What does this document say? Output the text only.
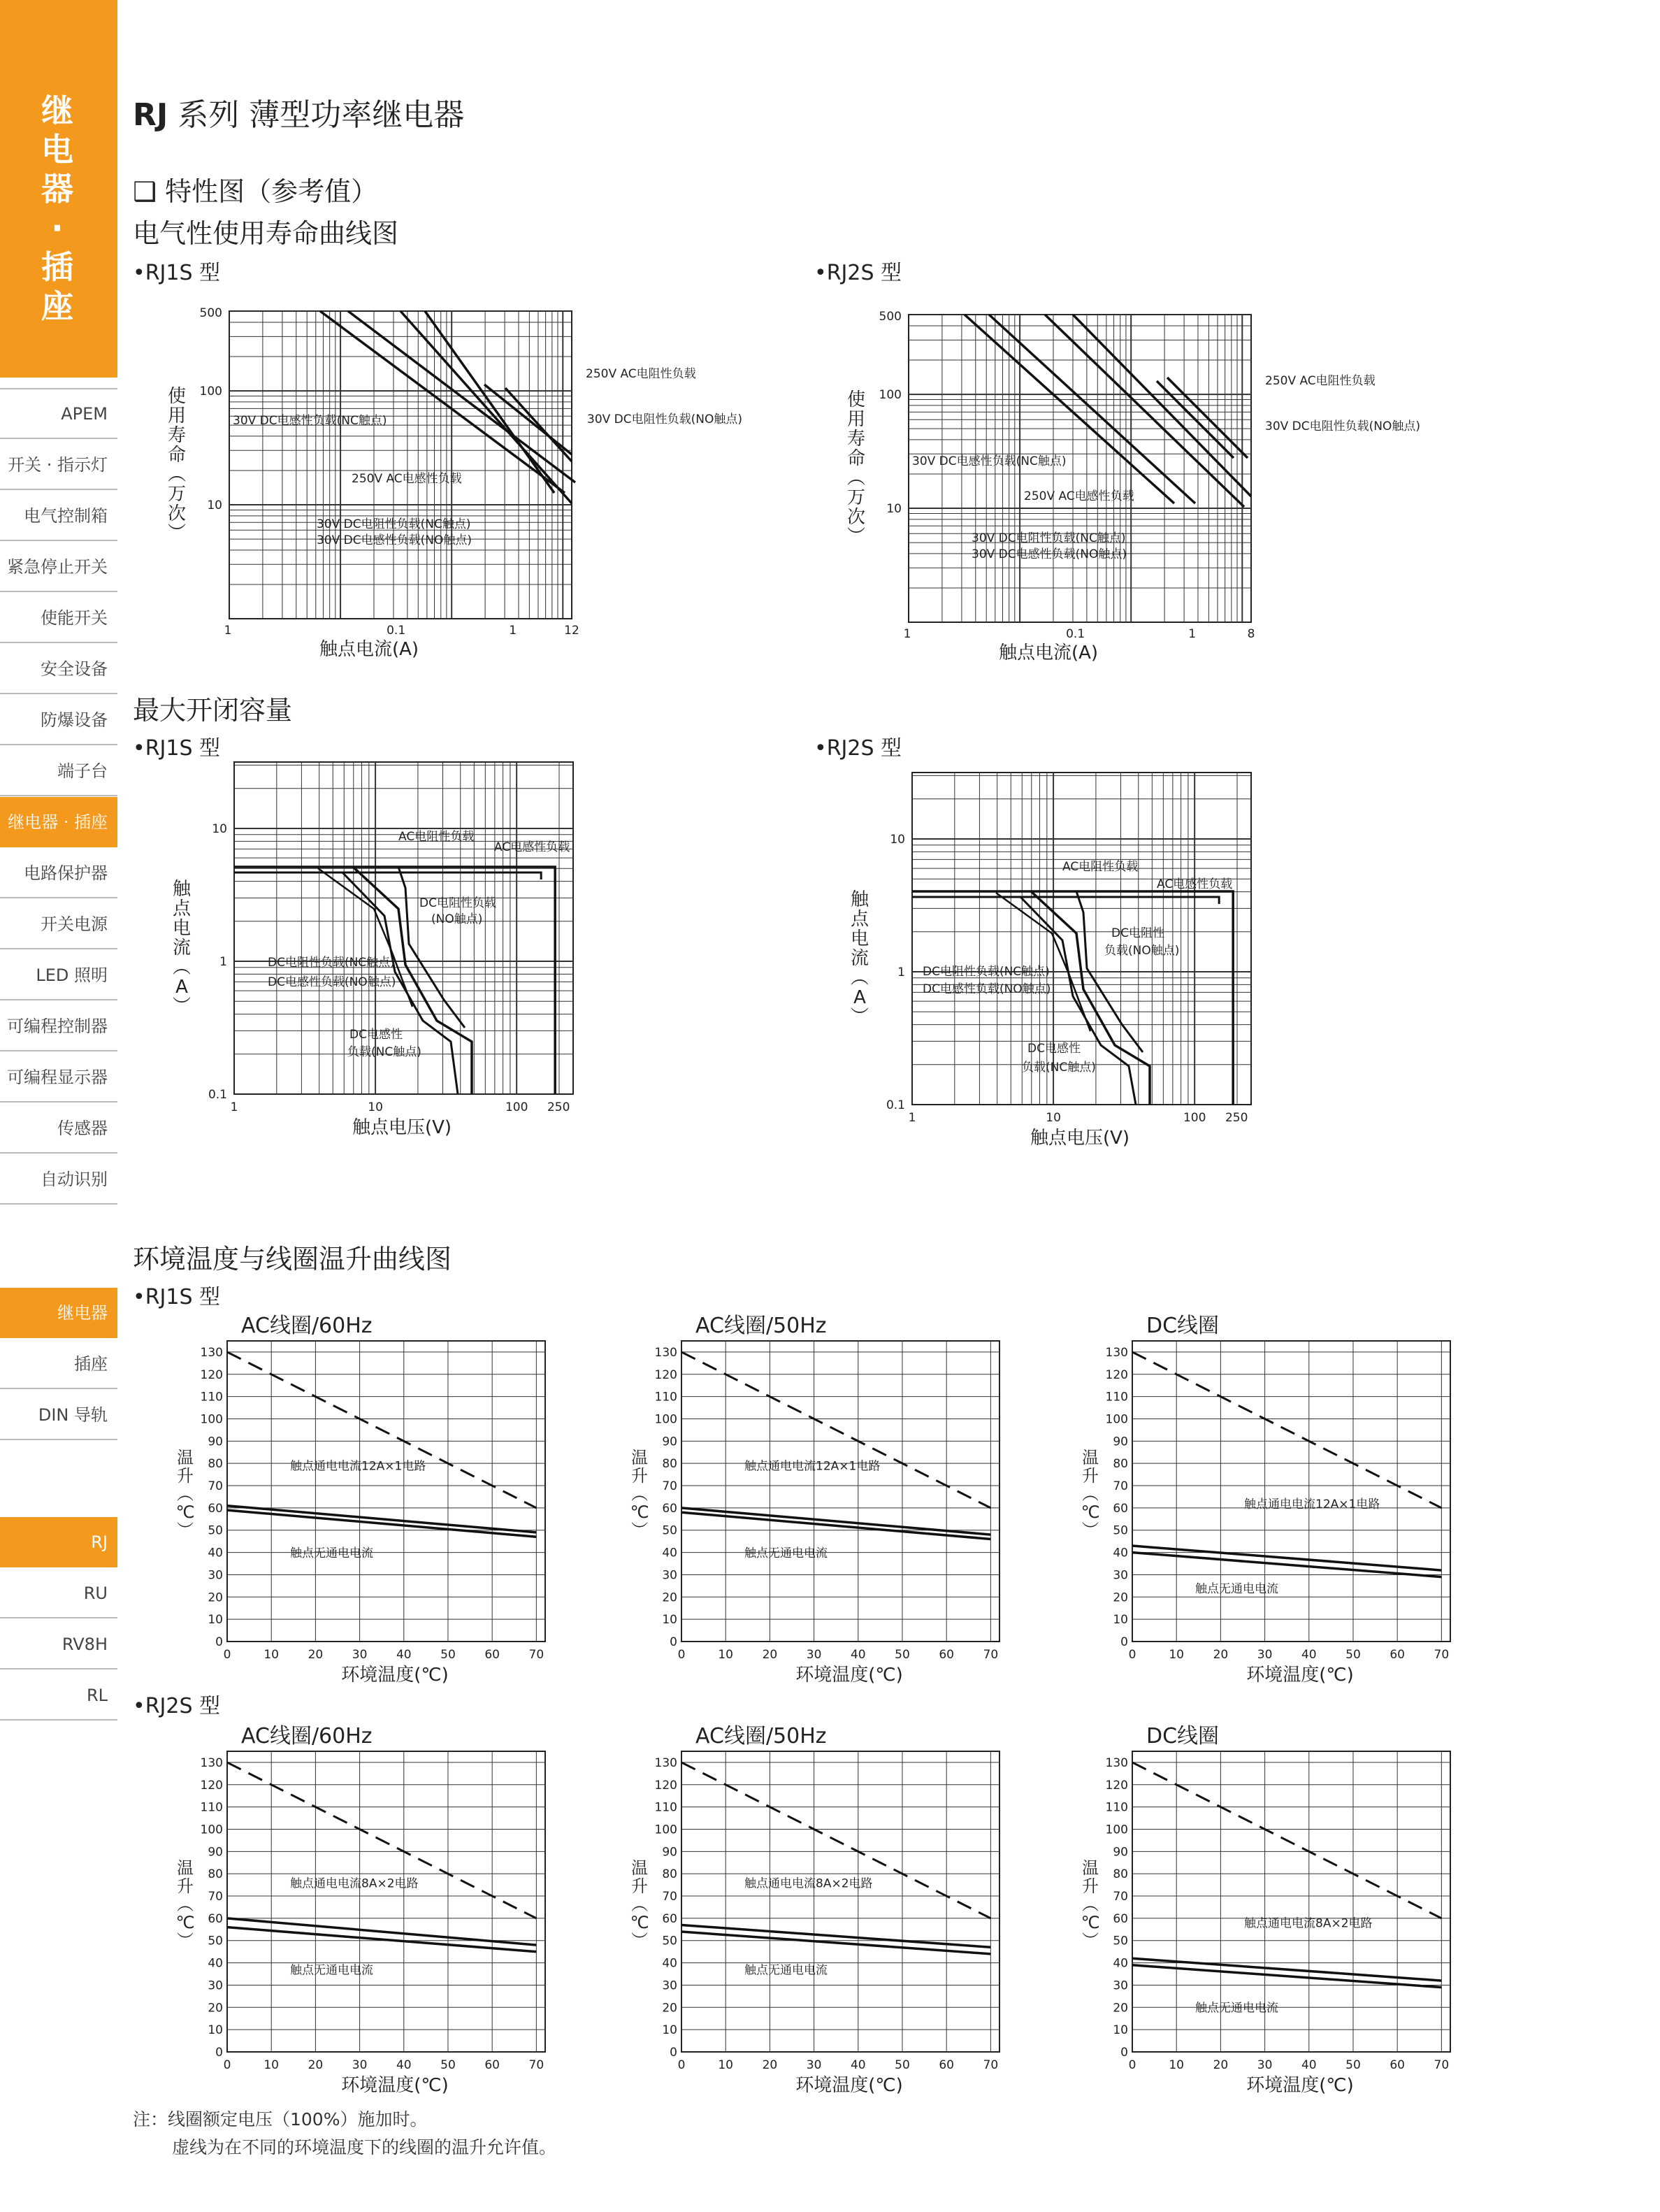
继电器·插座
APEM
开关 · 指示灯
电气控制箱
紧急停止开关
使能开关
安全设备
防爆设备
端子台
继电器 · 插座
电路保护器
开关电源
LED 照明
可编程控制器
可编程显示器
传感器
自动识别
继电器
插座
DIN 导轨
RJ
RU
RV8H
RL
RJ 系列 薄型功率继电器
❑ 特性图（参考值）
电气性使用寿命曲线图
•RJ1S 型	•RJ2S 型
最大开闭容量
•RJ1S 型	•RJ2S 型
环境温度与线圈温升曲线图
•RJ1S 型
•RJ2S 型
500
100
10
1	0.1	1	12
使
用
寿
命
︵
万
次
︶
触点电流(A)
250V AC电阻性负载
30V DC电阻性负载(NO触点)
30V DC电感性负载(NC触点)
250V AC电感性负载
30V DC电阻性负载(NC触点)
30V DC电感性负载(NO触点)
500
100
10
1	0.1	1	8
使
用
寿
命
︵
万
次
︶
触点电流(A)
250V AC电阻性负载
30V DC电阻性负载(NO触点)
30V DC电感性负载(NC触点)
250V AC电感性负载
30V DC电阻性负载(NC触点)
30V DC电感性负载(NO触点)
10
1
0.1
1	10	100 250
触
点
电
流
︵
A
︶
触点电压(V)
10
1
0.1
1	10	100 250
触
点
电
流
︵
A
︶
触点电压(V)
AC电阻性负载
AC电感性负载
DC电阻性负载
(NO触点)
DC电阻性负载(NC触点)
DC电感性负载(NO触点)
DC电感性
负载(NC触点)
AC电阻性负载
AC电感性负载
DC电阻性
负载(NO触点)
DC电阻性负载(NC触点)
DC电感性负载(NO触点)
DC电感性
负载(NC触点)
AC线圈/60Hz
130
120
110
100
90
80
70
60
50
40
30
20
10
0
0	10 20 30 40 50 60 70
温
升
︵
℃
︶
环境温度(℃)
触点通电电流12A×1电路
触点无通电电流
AC线圈/50Hz
130
120
110
100
90
80
70
60
50
40
30
20
10
0
0	10 20 30 40 50 60 70
温
升
︵
℃
︶
环境温度(℃)
触点通电电流12A×1电路
触点无通电电流
DC线圈
130
120
110
100
90
80
70
60
50
40
30
20
10
0
0	10 20 30 40 50 60 70
温
升
︵
℃
︶
环境温度(℃)
触点通电电流12A×1电路
触点无通电电流
AC线圈/60Hz
130
120
110
100
90
80
70
60
50
40
30
20
10
0
0	10 20 30 40 50 60 70
温
升
︵
℃
︶
环境温度(℃)
触点通电电流8A×2电路
触点无通电电流
AC线圈/50Hz
130
120
110
100
90
80
70
60
50
40
30
20
10
0
0	10 20 30 40 50 60 70
温
升
︵
℃
︶
环境温度(℃)
触点通电电流8A×2电路
触点无通电电流
DC线圈
130
120
110
100
90
80
70
60
50
40
30
20
10
0
0	10 20 30 40 50 60 70
温
升
︵
℃
︶
环境温度(℃)
触点通电电流8A×2电路
触点无通电电流
注：线圈额定电压（100%）施加时。
虚线为在不同的环境温度下的线圈的温升允许值。
